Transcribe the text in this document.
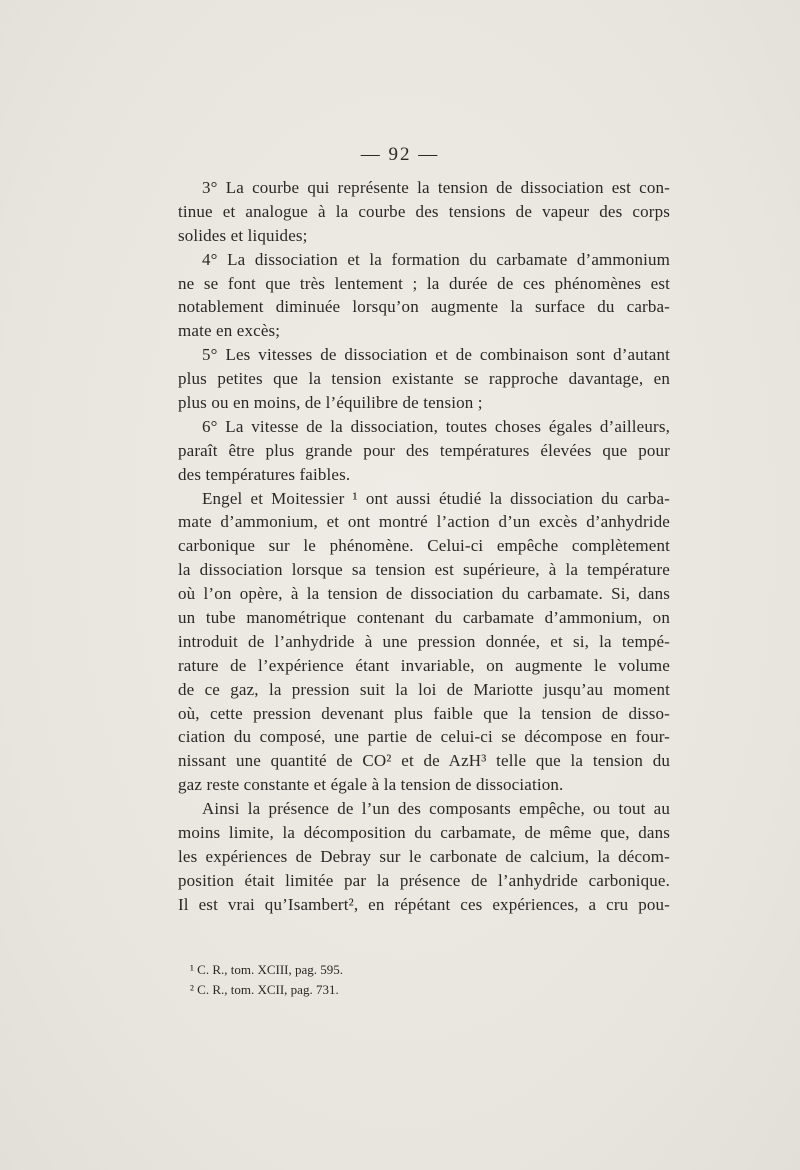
— 92 —
3° La courbe qui représente la tension de dissociation est con-
tinue et analogue à la courbe des tensions de vapeur des corps
solides et liquides;
4° La dissociation et la formation du carbamate d’ammonium
ne se font que très lentement ; la durée de ces phénomènes est
notablement diminuée lorsqu’on augmente la surface du carba-
mate en excès;
5° Les vitesses de dissociation et de combinaison sont d’autant
plus petites que la tension existante se rapproche davantage, en
plus ou en moins, de l’équilibre de tension ;
6° La vitesse de la dissociation, toutes choses égales d’ailleurs,
paraît être plus grande pour des températures élevées que pour
des températures faibles.
Engel et Moitessier ¹ ont aussi étudié la dissociation du carba-
mate d’ammonium, et ont montré l’action d’un excès d’anhydride
carbonique sur le phénomène. Celui-ci empêche complètement
la dissociation lorsque sa tension est supérieure, à la température
où l’on opère, à la tension de dissociation du carbamate. Si, dans
un tube manométrique contenant du carbamate d’ammonium, on
introduit de l’anhydride à une pression donnée, et si, la tempé-
rature de l’expérience étant invariable, on augmente le volume
de ce gaz, la pression suit la loi de Mariotte jusqu’au moment
où, cette pression devenant plus faible que la tension de disso-
ciation du composé, une partie de celui-ci se décompose en four-
nissant une quantité de CO² et de AzH³ telle que la tension du
gaz reste constante et égale à la tension de dissociation.
Ainsi la présence de l’un des composants empêche, ou tout au
moins limite, la décomposition du carbamate, de même que, dans
les expériences de Debray sur le carbonate de calcium, la décom-
position était limitée par la présence de l’anhydride carbonique.
Il est vrai qu’Isambert², en répétant ces expériences, a cru pou-
¹ C. R., tom. XCIII, pag. 595.
² C. R., tom. XCII, pag. 731.
